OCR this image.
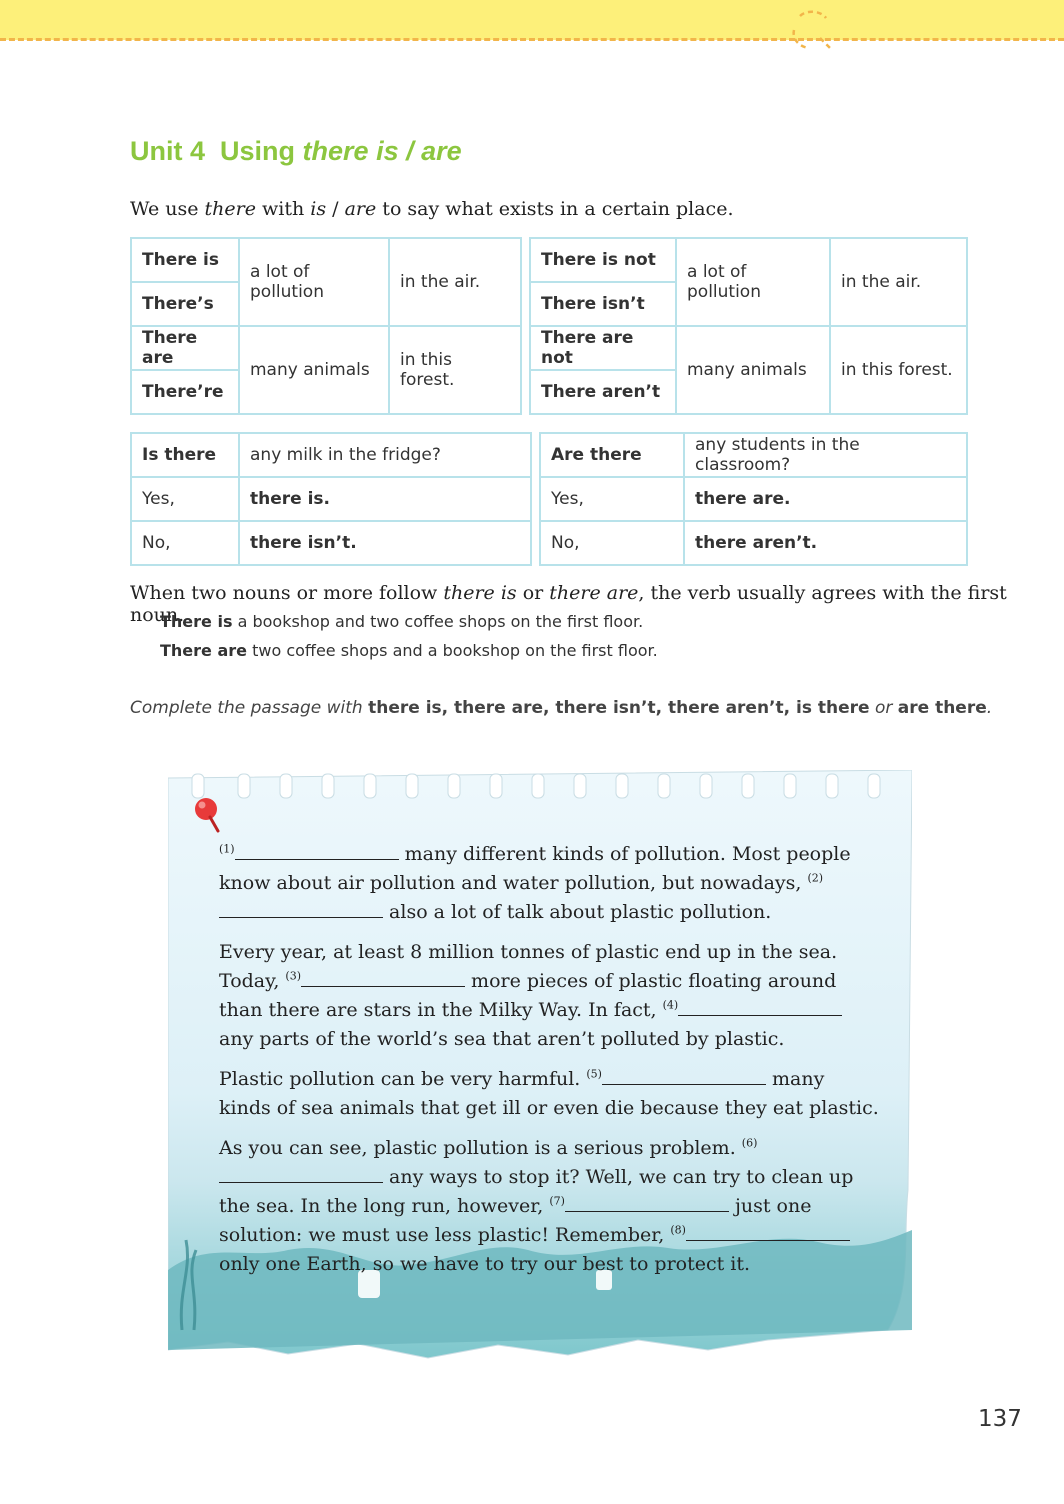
Unit 4 Using there is / are
We use there with is / are to say what exists in a certain place.
There is	a lot of pollution	in the air.
There’s		
There are	many animals	in this forest.
There’re		
There is not	a lot of pollution	in the air.
There isn’t		
There are not	many animals	in this forest.
There aren’t		
Is there	any milk in the fridge?
Yes,	there is.
No,	there isn’t.
Are there	any students in the classroom?
Yes,	there are.
No,	there aren’t.
When two nouns or more follow there is or there are, the verb usually agrees with the first noun.
There is a bookshop and two coffee shops on the first floor.
There are two coffee shops and a bookshop on the first floor.
Complete the passage with there is, there are, there isn’t, there aren’t, is there or are there.

$^{(1)}$	many different kinds of pollution. Most people know about air pollution and water pollution, but nowadays, $^{(2)}$ also a lot of talk about plastic pollution.

Every year, at least 8 million tonnes of plastic end up in the sea. Today, $^{(3)}$	more pieces of plastic floating around than there are stars in the Milky Way. In fact, $^{(4)}$ any parts of the world’s sea that aren’t polluted by plastic.

Plastic pollution can be very harmful. $^{(5)}$	many kinds of sea animals that get ill or even die because they eat plastic.

As you can see, plastic pollution is a serious problem. $^{(6)}$ any ways to stop it? Well, we can try to clean up the sea. In the long run, however, $^{(7)}$	just one solution: we must use less plastic! Remember, $^{(8)}$ only one Earth, so we have to try our best to protect it.

137
